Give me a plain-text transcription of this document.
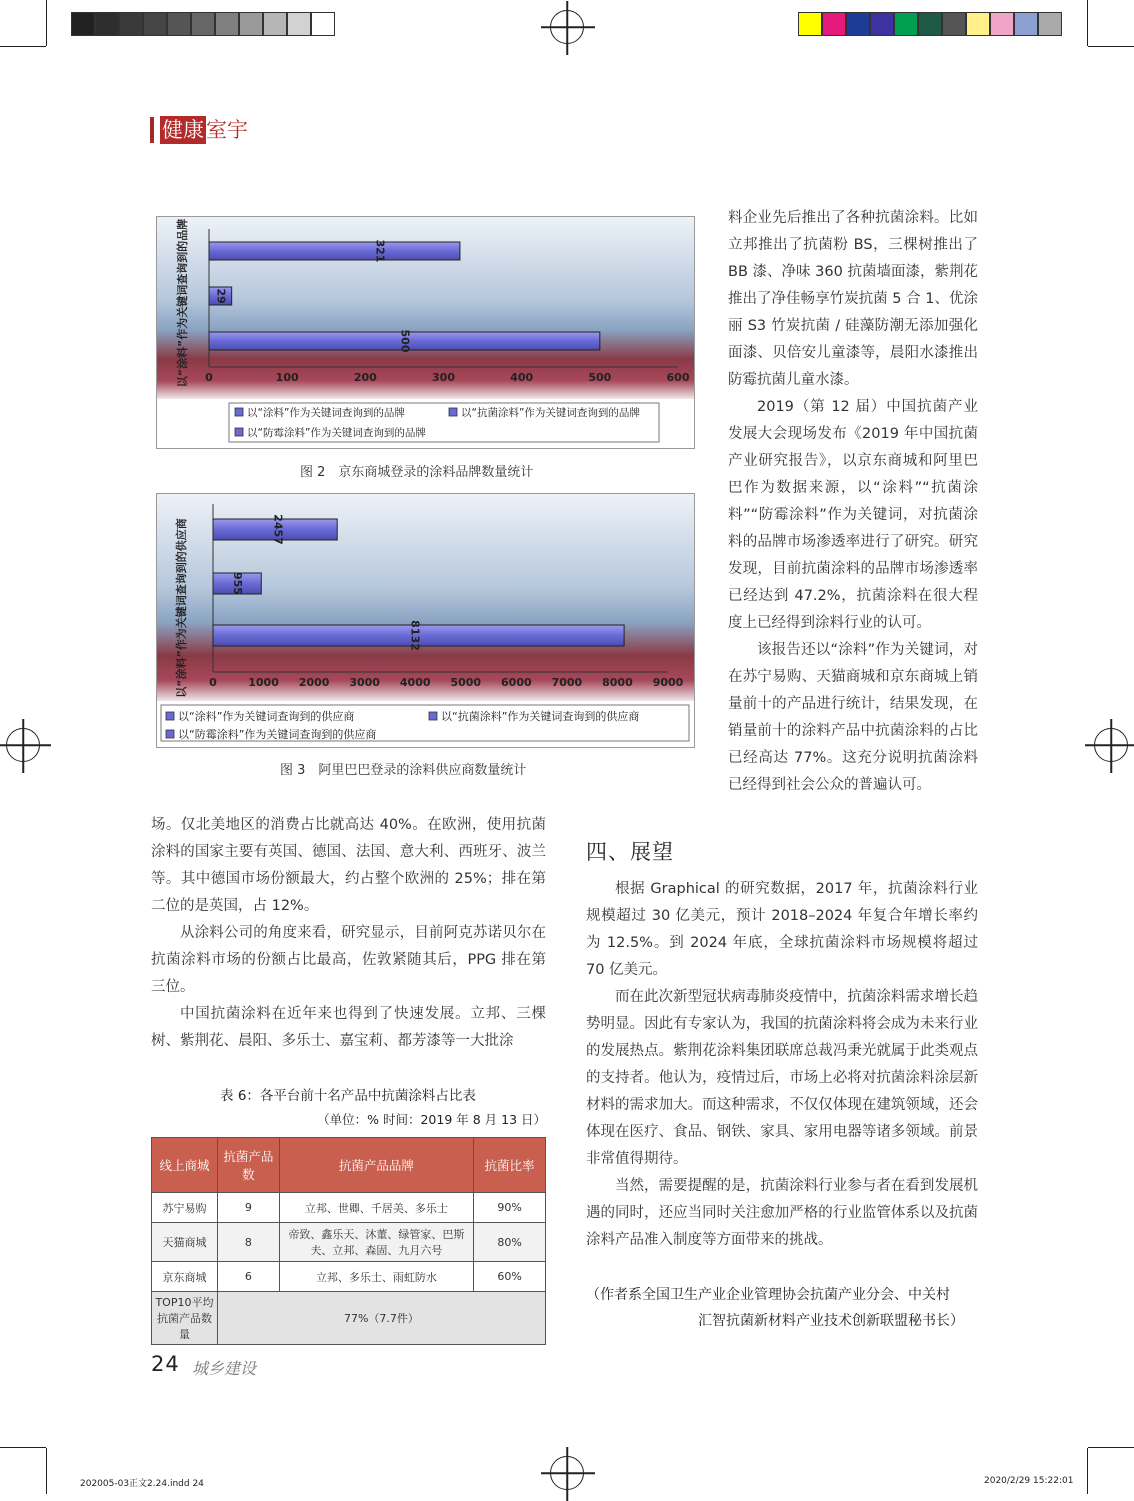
健康 室宇
0	100	200	300	400	500	600
321
29
500
以“涂料”作为关键词查询到的品牌
以“涂料”作为关键词查询到的品牌	以“抗菌涂料”作为关键词查询到的品牌
以“防霉涂料”作为关键词查询到的品牌
图 2　京东商城登录的涂料品牌数量统计
0	1000 2000 3000 4000 5000 6000 7000 8000 9000
2457
955
8132
以“涂料”作为关键词查询到的供应商
以“涂料”作为关键词查询到的供应商	以“抗菌涂料”作为关键词查询到的供应商
以“防霉涂料”作为关键词查询到的供应商
图 3　阿里巴巴登录的涂料供应商数量统计

料企业先后推出了各种抗菌涂料。比如立邦推出了抗菌粉 BS，三棵树推出了 BB 漆、净味 360 抗菌墙面漆，紫荆花推出了净佳畅享竹炭抗菌 5 合 1、优涂丽 S3 竹炭抗菌 / 硅藻防潮无添加强化面漆、贝倍安儿童漆等，晨阳水漆推出防霉抗菌儿童水漆。

2019（第 12 届）中国抗菌产业发展大会现场发布《2019 年中国抗菌产业研究报告》，以京东商城和阿里巴巴作为数据来源，以“涂料”“抗菌涂料”“防霉涂料”作为关键词，对抗菌涂料的品牌市场渗透率进行了研究。研究发现，目前抗菌涂料的品牌市场渗透率已经达到 47.2%，抗菌涂料在很大程度上已经得到涂料行业的认可。

该报告还以“涂料”作为关键词，对在苏宁易购、天猫商城和京东商城上销量前十的产品进行统计，结果发现，在销量前十的涂料产品中抗菌涂料的占比已经高达 77%。这充分说明抗菌涂料已经得到社会公众的普遍认可。

场。仅北美地区的消费占比就高达 40%。在欧洲，使用抗菌涂料的国家主要有英国、德国、法国、意大利、西班牙、波兰等。其中德国市场份额最大，约占整个欧洲的 25%；排在第二位的是英国，占 12%。

从涂料公司的角度来看，研究显示，目前阿克苏诺贝尔在抗菌涂料市场的份额占比最高，佐敦紧随其后，PPG 排在第三位。

中国抗菌涂料在近年来也得到了快速发展。立邦、三棵树、紫荆花、晨阳、多乐士、嘉宝莉、都芳漆等一大批涂

四、展望

根据 Graphical 的研究数据，2017 年，抗菌涂料行业规模超过 30 亿美元，预计 2018–2024 年复合年增长率约为 12.5%。到 2024 年底，全球抗菌涂料市场规模将超过 70 亿美元。

而在此次新型冠状病毒肺炎疫情中，抗菌涂料需求增长趋势明显。因此有专家认为，我国的抗菌涂料将会成为未来行业的发展热点。紫荆花涂料集团联席总裁冯秉光就属于此类观点的支持者。他认为，疫情过后，市场上必将对抗菌涂料涂层新材料的需求加大。而这种需求，不仅仅体现在建筑领域，还会体现在医疗、食品、钢铁、家具、家用电器等诸多领域。前景非常值得期待。

当然，需要提醒的是，抗菌涂料行业参与者在看到发展机遇的同时，还应当同时关注愈加严格的行业监管体系以及抗菌涂料产品准入制度等方面带来的挑战。

表 6：各平台前十名产品中抗菌涂料占比表
（单位：% 时间：2019 年 8 月 13 日）
线上商城	抗菌产品数	抗菌产品品牌	抗菌比率
苏宁易购	9	立邦、世卿、千居美、多乐士	90%
天猫商城	8	帝致、鑫乐天、沐董、绿管家、巴斯夫、立邦、森固、九月六号	80%
京东商城	6	立邦、多乐士、雨虹防水	60%
TOP10平均抗菌产品数量	77%（7.7件）		
（作者系全国卫生产业企业管理协会抗菌产业分会、中关村
汇智抗菌新材料产业技术创新联盟秘书长）
24 城乡建设
202005-03正文2.24.indd 24	2020/2/29 15:22:01
